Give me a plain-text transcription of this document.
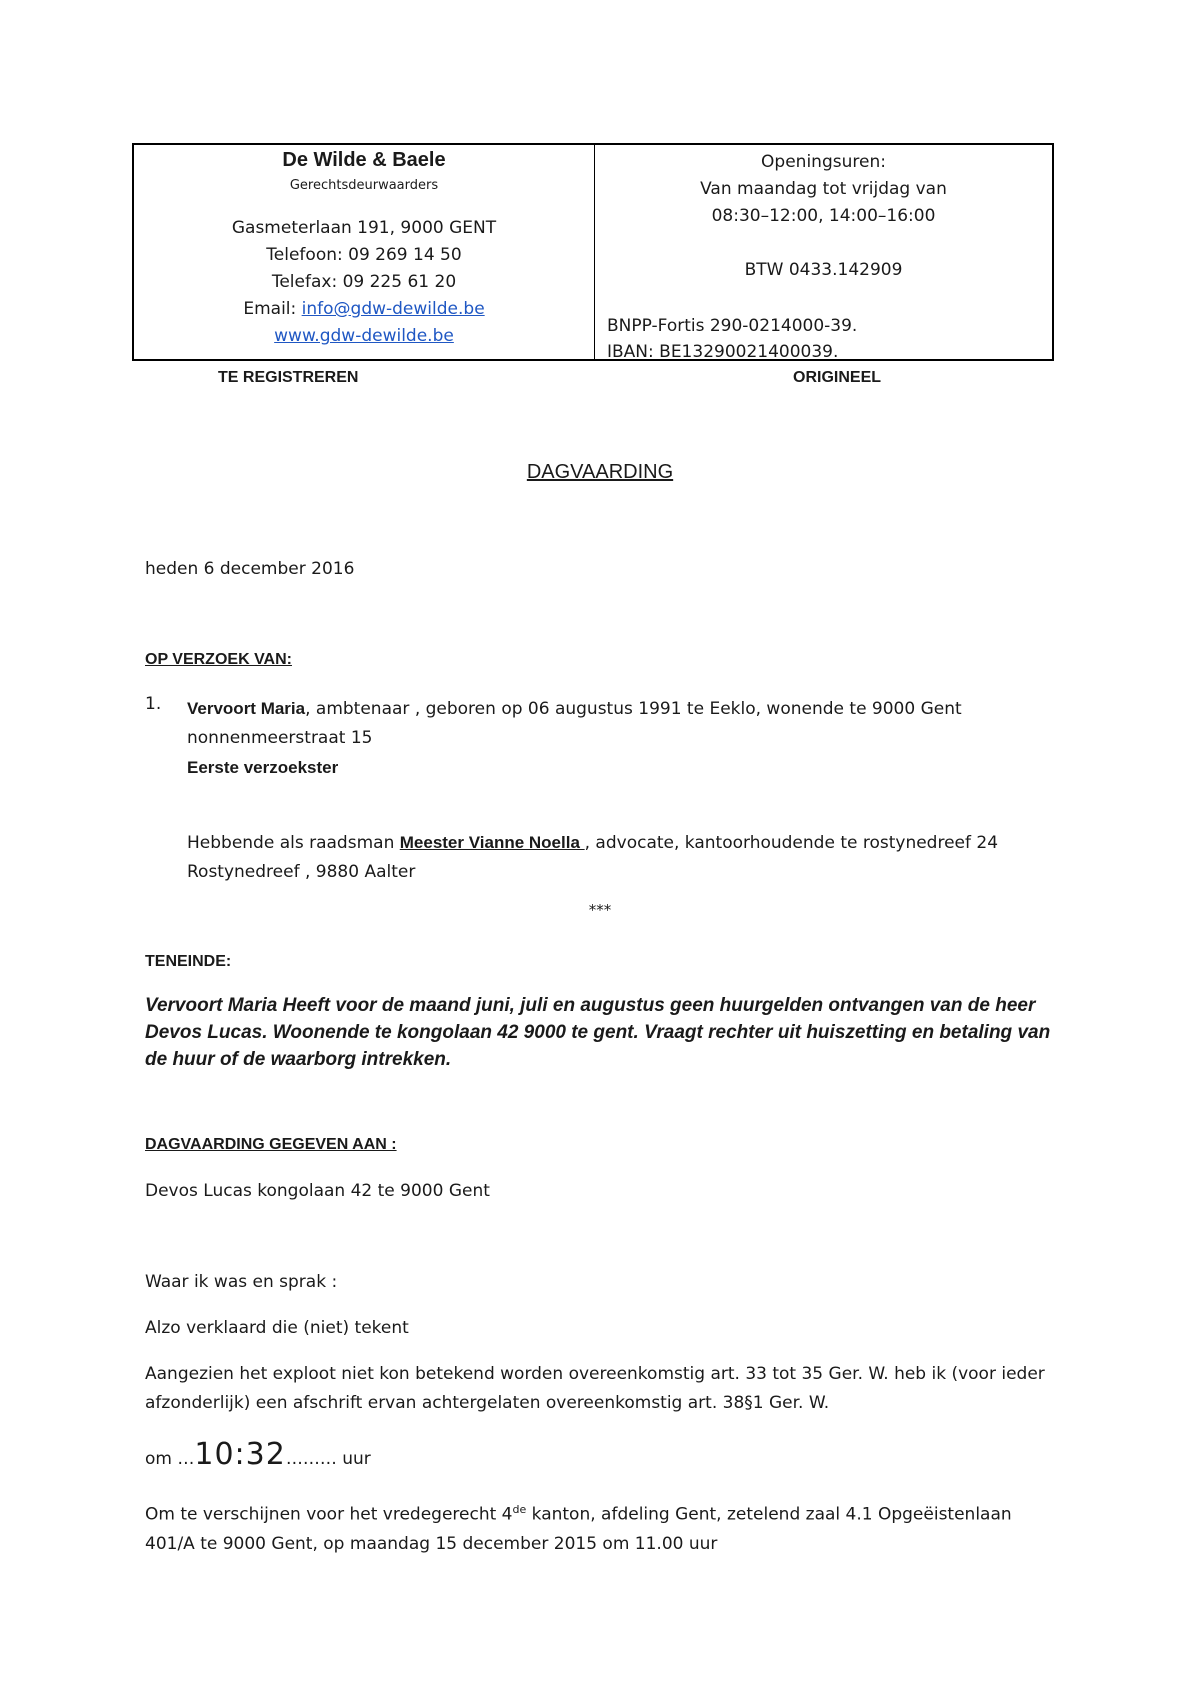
De Wilde & Baele
Gerechtsdeurwaarders
Gasmeterlaan 191, 9000 GENT
Telefoon: 09 269 14 50
Telefax: 09 225 61 20
Email: info@gdw-dewilde.be
www.gdw-dewilde.be
Openingsuren:
Van maandag tot vrijdag van
08:30–12:00, 14:00–16:00
BTW 0433.142909
BNPP-Fortis 290-0214000-39.
IBAN: BE13290021400039.
TE REGISTREREN	ORIGINEEL
DAGVAARDING
heden 6 december 2016
OP VERZOEK VAN:
1. Vervoort Maria, ambtenaar , geboren op 06 augustus 1991 te Eeklo, wonende te 9000 Gent nonnenmeerstraat 15
Eerste verzoekster
Hebbende als raadsman Meester Vianne Noella , advocate, kantoorhoudende te rostynedreef 24 Rostynedreef , 9880 Aalter
***
TENEINDE:
Vervoort Maria Heeft voor de maand juni, juli en augustus geen huurgelden ontvangen van de heer Devos Lucas. Woonende te kongolaan 42 9000 te gent. Vraagt rechter uit huiszetting en betaling van de huur of de waarborg intrekken.
DAGVAARDING GEGEVEN AAN :
Devos Lucas kongolaan 42 te 9000 Gent
Waar ik was en sprak :
Alzo verklaard die (niet) tekent
Aangezien het exploot niet kon betekend worden overeenkomstig art. 33 tot 35 Ger. W. heb ik (voor ieder afzonderlijk) een afschrift ervan achtergelaten overeenkomstig art. 38§1 Ger. W.
om …10:32……… uur
Om te verschijnen voor het vredegerecht 4de kanton, afdeling Gent, zetelend zaal 4.1 Opgeëistenlaan 401/A te 9000 Gent, op maandag 15 december 2015 om 11.00 uur
